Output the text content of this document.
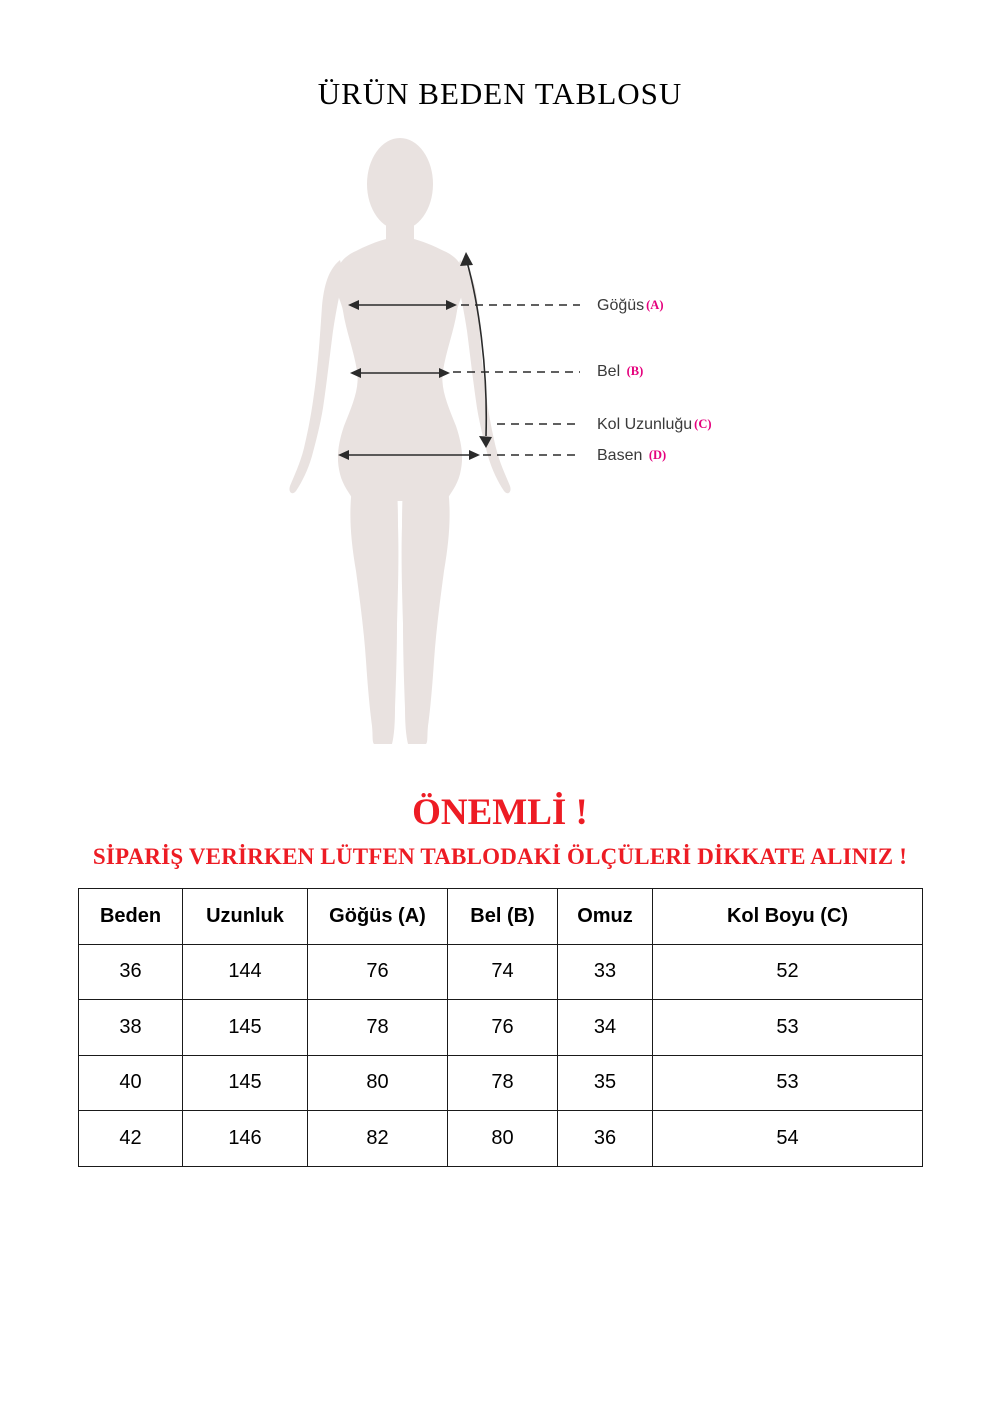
ÜRÜN BEDEN TABLOSU
Göğüs (A)
Bel (B)
Kol Uzunluğu (C)
Basen (D)
ÖNEMLİ !
SİPARİŞ VERİRKEN LÜTFEN TABLODAKİ ÖLÇÜLERİ DİKKATE ALINIZ !
Beden	Uzunluk	Göğüs (A)	Bel (B)	Omuz	Kol Boyu (C)
36	144	76	74	33	52
38	145	78	76	34	53
40	145	80	78	35	53
42	146	82	80	36	54
